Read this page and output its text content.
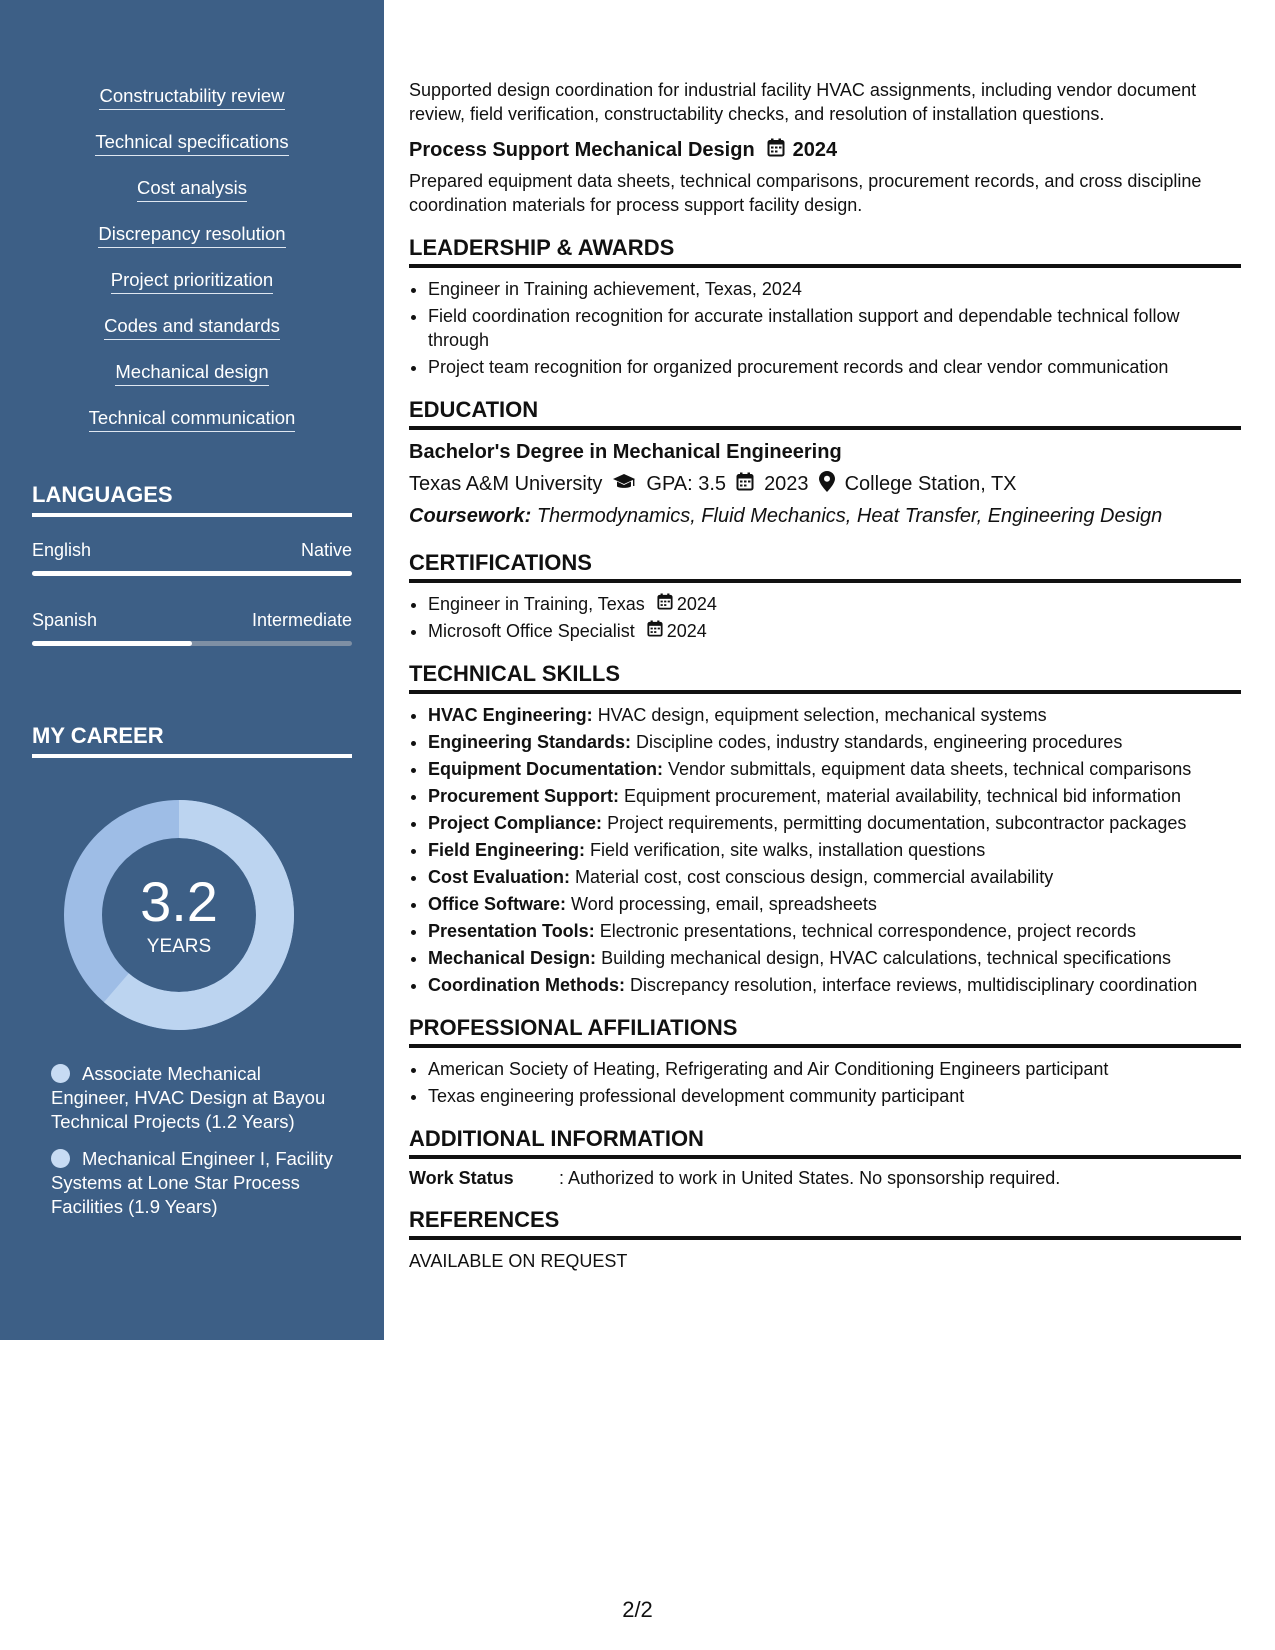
Constructability review
Technical specifications
Cost analysis
Discrepancy resolution
Project prioritization
Codes and standards
Mechanical design
Technical communication
LANGUAGES
English	Native
Spanish	Intermediate
MY CAREER
3.2
YEARS
Associate Mechanical Engineer, HVAC Design at Bayou Technical Projects (1.2 Years)
Mechanical Engineer I, Facility Systems at Lone Star Process Facilities (1.9 Years)

Supported design coordination for industrial facility HVAC assignments, including vendor document review, field verification, constructability checks, and resolution of installation questions.

Process Support Mechanical Design 2024

Prepared equipment data sheets, technical comparisons, procurement records, and cross discipline coordination materials for process support facility design.

LEADERSHIP & AWARDS
• Engineer in Training achievement, Texas, 2024
• Field coordination recognition for accurate installation support and dependable technical follow through
• Project team recognition for organized procurement records and clear vendor communication
EDUCATION
Bachelor's Degree in Mechanical Engineering
Texas A&M University GPA: 3.5 2023 College Station, TX
Coursework: Thermodynamics, Fluid Mechanics, Heat Transfer, Engineering Design
CERTIFICATIONS
• Engineer in Training, Texas 2024
• Microsoft Office Specialist 2024
TECHNICAL SKILLS
• HVAC Engineering: HVAC design, equipment selection, mechanical systems
• Engineering Standards: Discipline codes, industry standards, engineering procedures
• Equipment Documentation: Vendor submittals, equipment data sheets, technical comparisons
• Procurement Support: Equipment procurement, material availability, technical bid information
• Project Compliance: Project requirements, permitting documentation, subcontractor packages
• Field Engineering: Field verification, site walks, installation questions
• Cost Evaluation: Material cost, cost conscious design, commercial availability
• Office Software: Word processing, email, spreadsheets
• Presentation Tools: Electronic presentations, technical correspondence, project records
• Mechanical Design: Building mechanical design, HVAC calculations, technical specifications
• Coordination Methods: Discrepancy resolution, interface reviews, multidisciplinary coordination
PROFESSIONAL AFFILIATIONS
• American Society of Heating, Refrigerating and Air Conditioning Engineers participant
• Texas engineering professional development community participant
ADDITIONAL INFORMATION
Work Status	: Authorized to work in United States. No sponsorship required.
REFERENCES
AVAILABLE ON REQUEST
2/2
